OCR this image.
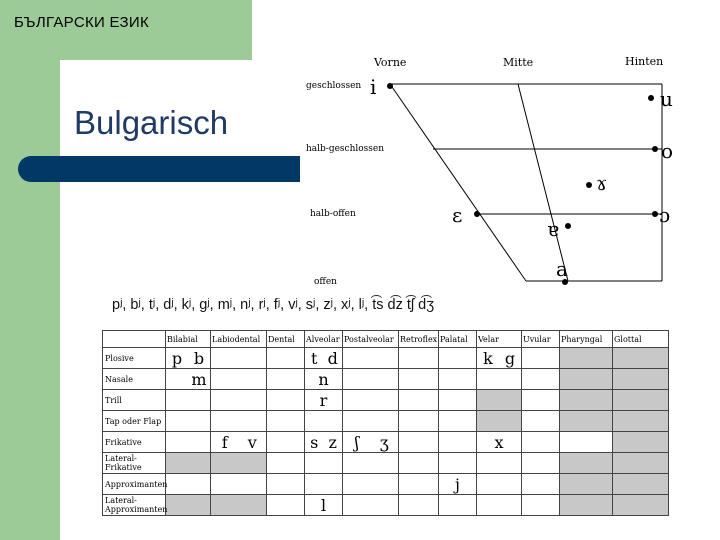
БЪЛГАРСКИ ЕЗИК
Bulgarisch
Vorne	Mitte	Hinten
geschlossen
halb-geschlossen
halb-offen
offen
i	u
o
ɤ
ɛ	ɔ
ɐ
a
pʲ, bʲ, tʲ, dʲ, kʲ, gʲ, mʲ, nʲ, rʲ, fʲ, vʲ, sʲ, zʲ, xʲ, lʲ, t͡s d͡z t͡ʃ d͡ʒ
	Bilabial	Labiodental	Dental	Alveolar	Postalveolar	Retroflex	Palatal	Velar	Uvular	Pharyngal	Glottal
Plosive	p b			t d				k g			

Nasale	m			n							

Trill				r							

Tap oder Flap											
Frikative		f v		s z	ʃ ʒ			x			

Lateral-Frikative											
Approximanten							j				

Lateral-Approximanten				l							
